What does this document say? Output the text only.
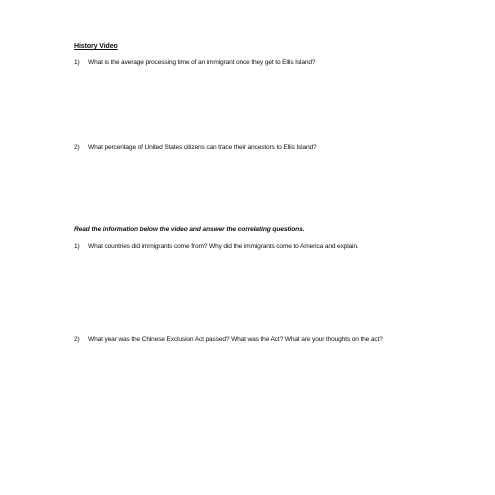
History Video
1)	What is the average processing time of an immigrant once they get to Ellis Island?
2)	What percentage of United States citizens can trace their ancestors to Ellis Island?
Read the information below the video and answer the correlating questions.
1)	What countries did immigrants come from? Why did the immigrants come to America and explain.
2)	What year was the Chinese Exclusion Act passed? What was the Act? What are your thoughts on the act?
